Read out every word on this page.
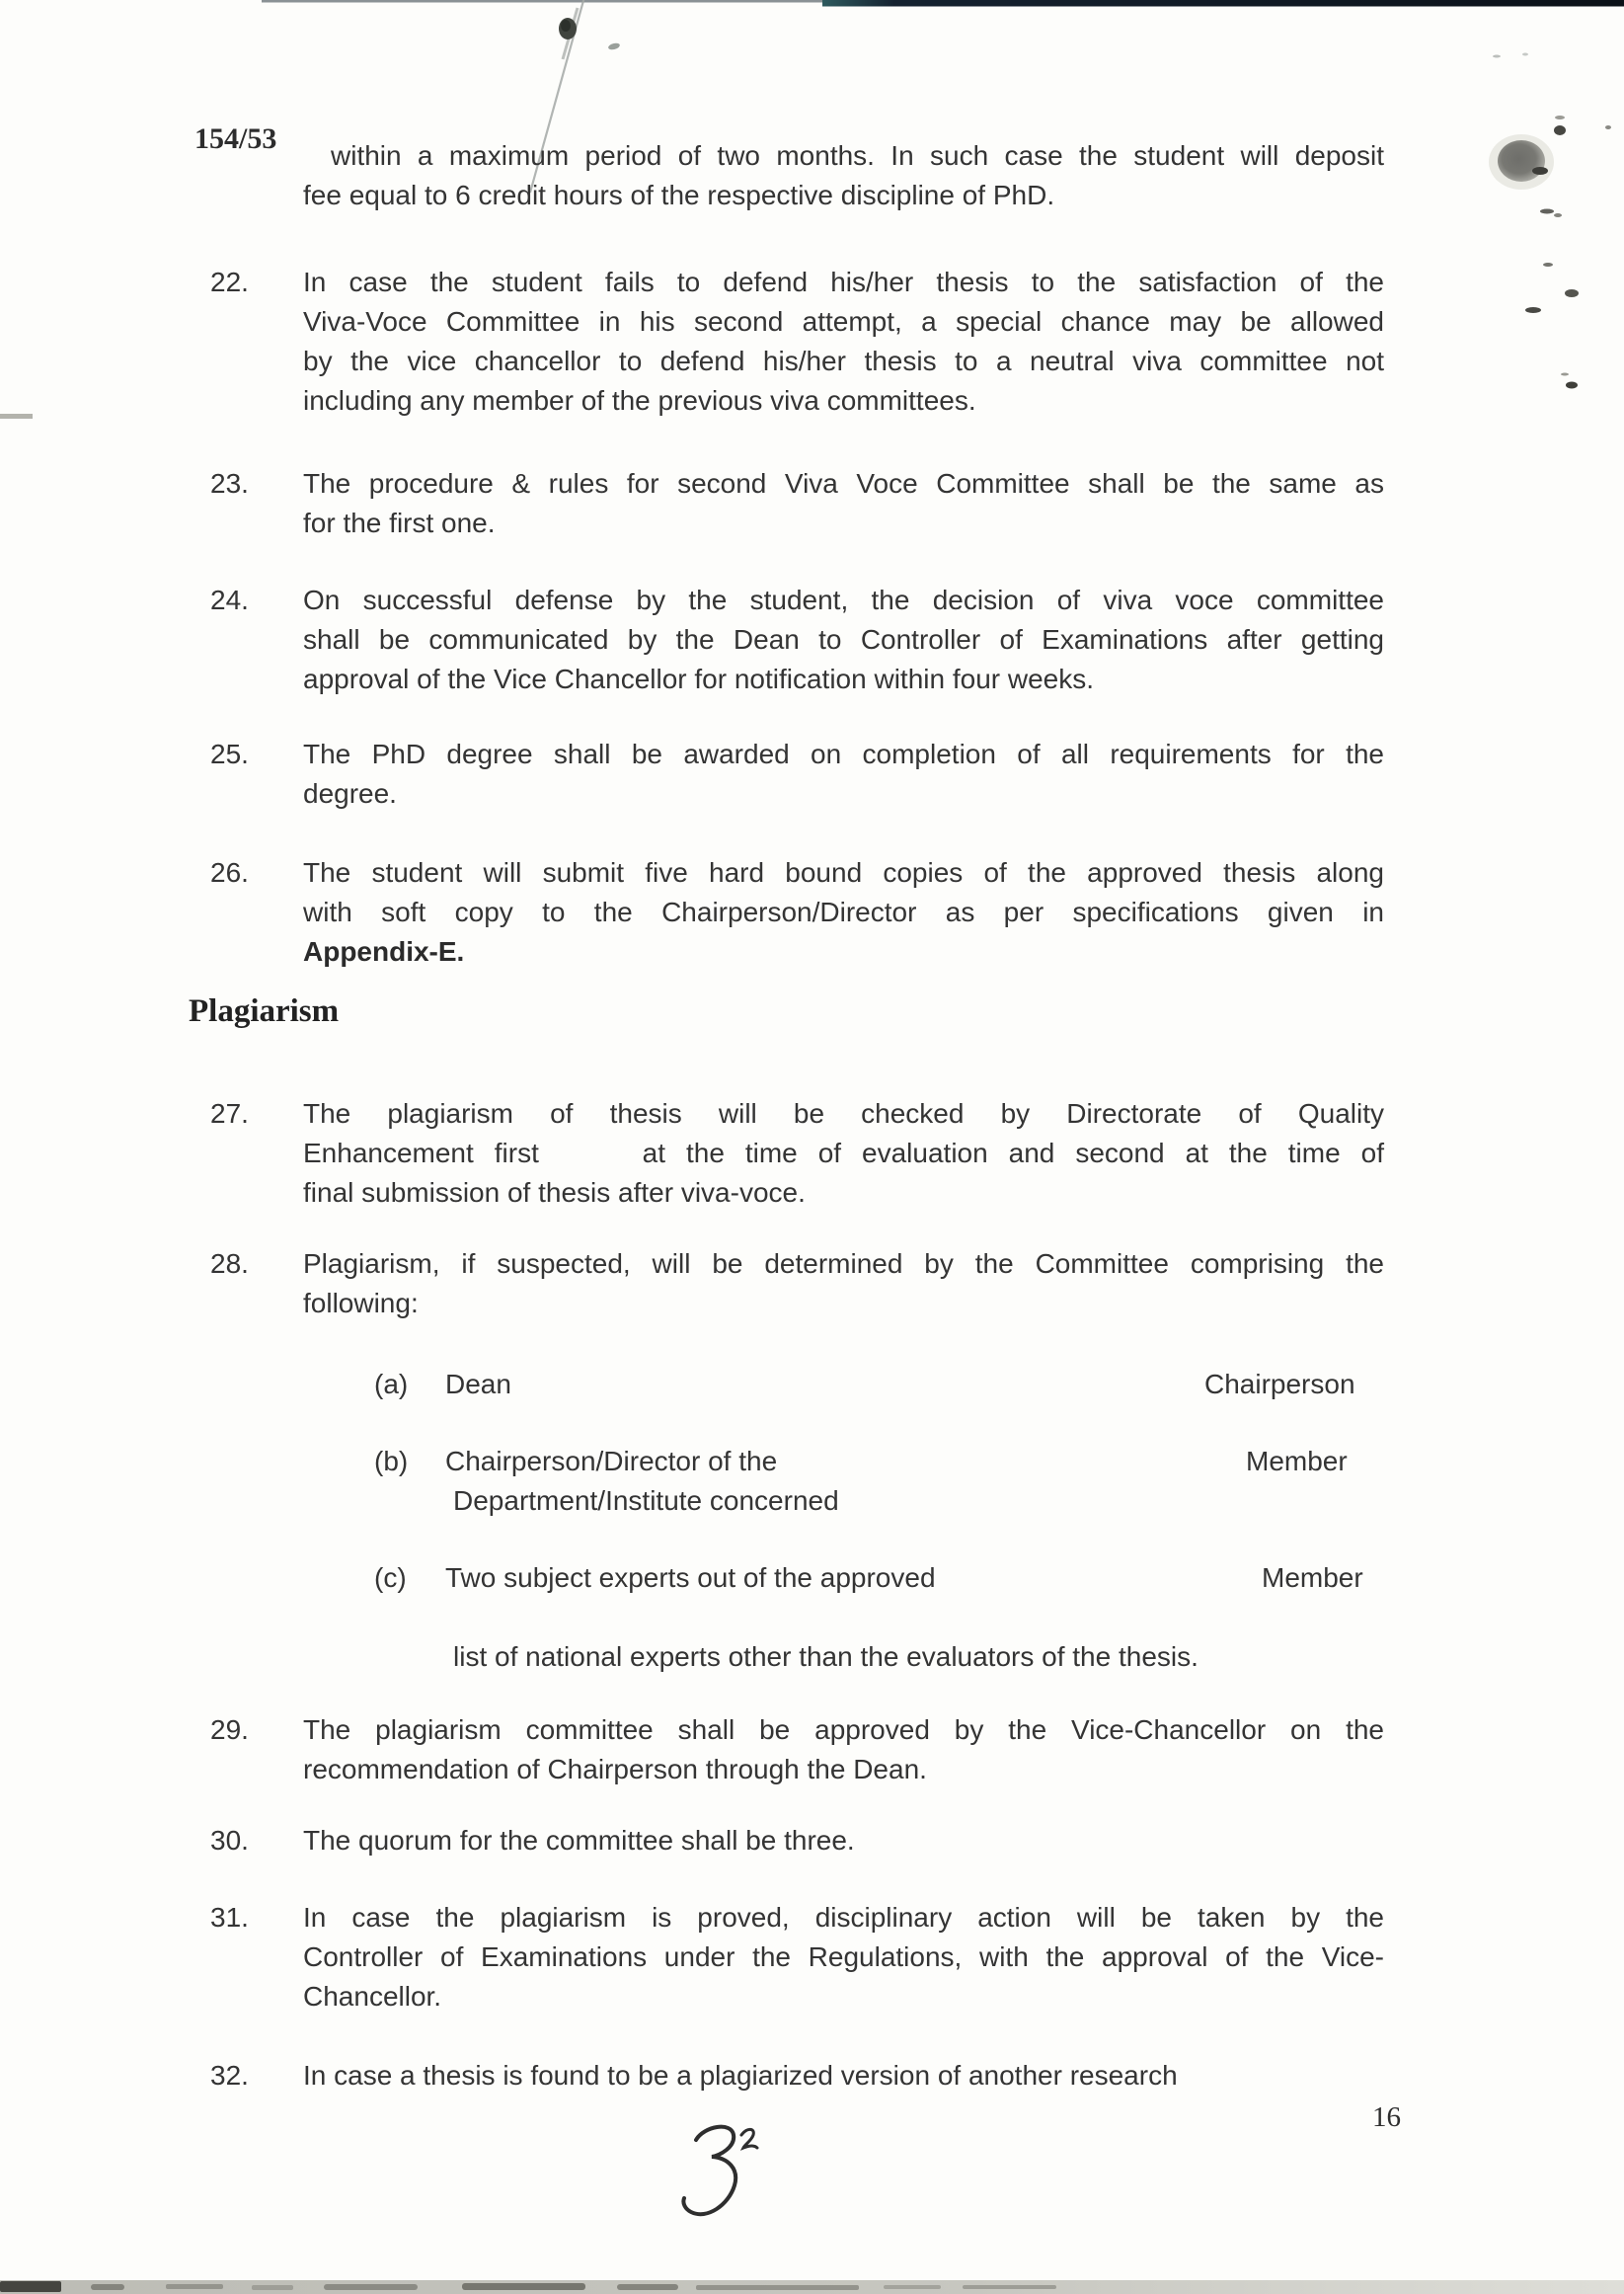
154/53
within a maximum period of two months. In such case the student will deposit
fee equal to 6 credit hours of the respective discipline of PhD.
22. In case the student fails to defend his/her thesis to the satisfaction of the
Viva-Voce Committee in his second attempt, a special chance may be allowed
by the vice chancellor to defend his/her thesis to a neutral viva committee not
including any member of the previous viva committees.
23. The procedure & rules for second Viva Voce Committee shall be the same as
for the first one.
24. On successful defense by the student, the decision of viva voce committee
shall be communicated by the Dean to Controller of Examinations after getting
approval of the Vice Chancellor for notification within four weeks.
25. The PhD degree shall be awarded on completion of all requirements for the
degree.
26. The student will submit five hard bound copies of the approved thesis along
with soft copy to the Chairperson/Director as per specifications given in
Appendix-E.
Plagiarism
27. The plagiarism of thesis will be checked by Directorate of Quality
Enhancement first     at the time of evaluation and second at the time of
final submission of thesis after viva-voce.
28. Plagiarism, if suspected, will be determined by the Committee comprising the
following:
(a) Dean	Chairperson
(b) Chairperson/Director of the
Department/Institute concerned
Member
(c) Two subject experts out of the approved	Member
list of national experts other than the evaluators of the thesis.
29. The plagiarism committee shall be approved by the Vice-Chancellor on the
recommendation of Chairperson through the Dean.
30. The quorum for the committee shall be three.
31. In case the plagiarism is proved, disciplinary action will be taken by the
Controller of Examinations under the Regulations, with the approval of the Vice-
Chancellor.
32. In case a thesis is found to be a plagiarized version of another research
16
